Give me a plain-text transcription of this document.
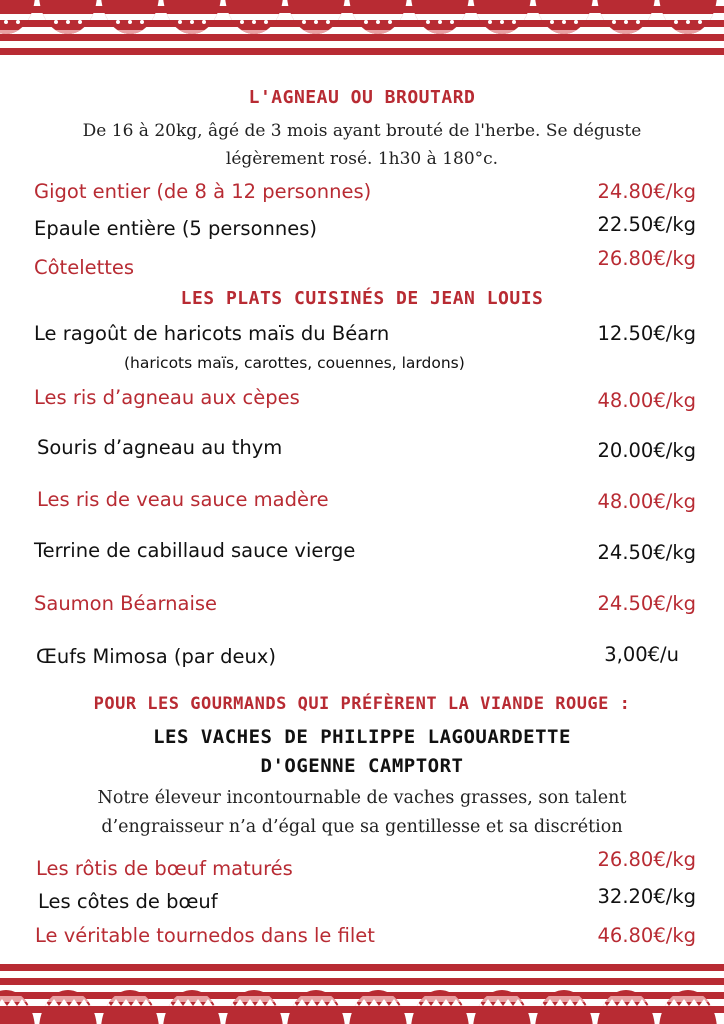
L'AGNEAU OU BROUTARD
De 16 à 20kg, âgé de 3 mois ayant brouté de l'herbe. Se déguste
légèrement rosé. 1h30 à 180°c.
Gigot entier (de 8 à 12 personnes)	24.80€/kg
Epaule entière (5 personnes)	22.50€/kg
Côtelettes	26.80€/kg
LES PLATS CUISINÉS DE JEAN LOUIS
Le ragoût de haricots maïs du Béarn	12.50€/kg
(haricots maïs, carottes, couennes, lardons)
Les ris d’agneau aux cèpes	48.00€/kg
Souris d’agneau au thym	20.00€/kg
Les ris de veau sauce madère	48.00€/kg
Terrine de cabillaud sauce vierge	24.50€/kg
Saumon Béarnaise	24.50€/kg
Œufs Mimosa (par deux)	3,00€/u
POUR LES GOURMANDS QUI PRÉFÈRENT LA VIANDE ROUGE :
LES VACHES DE PHILIPPE LAGOUARDETTE
D'OGENNE CAMPTORT
Notre éleveur incontournable de vaches grasses, son talent
d’engraisseur n’a d’égal que sa gentillesse et sa discrétion
Les rôtis de bœuf maturés	26.80€/kg
Les côtes de bœuf	32.20€/kg
Le véritable tournedos dans le filet	46.80€/kg
